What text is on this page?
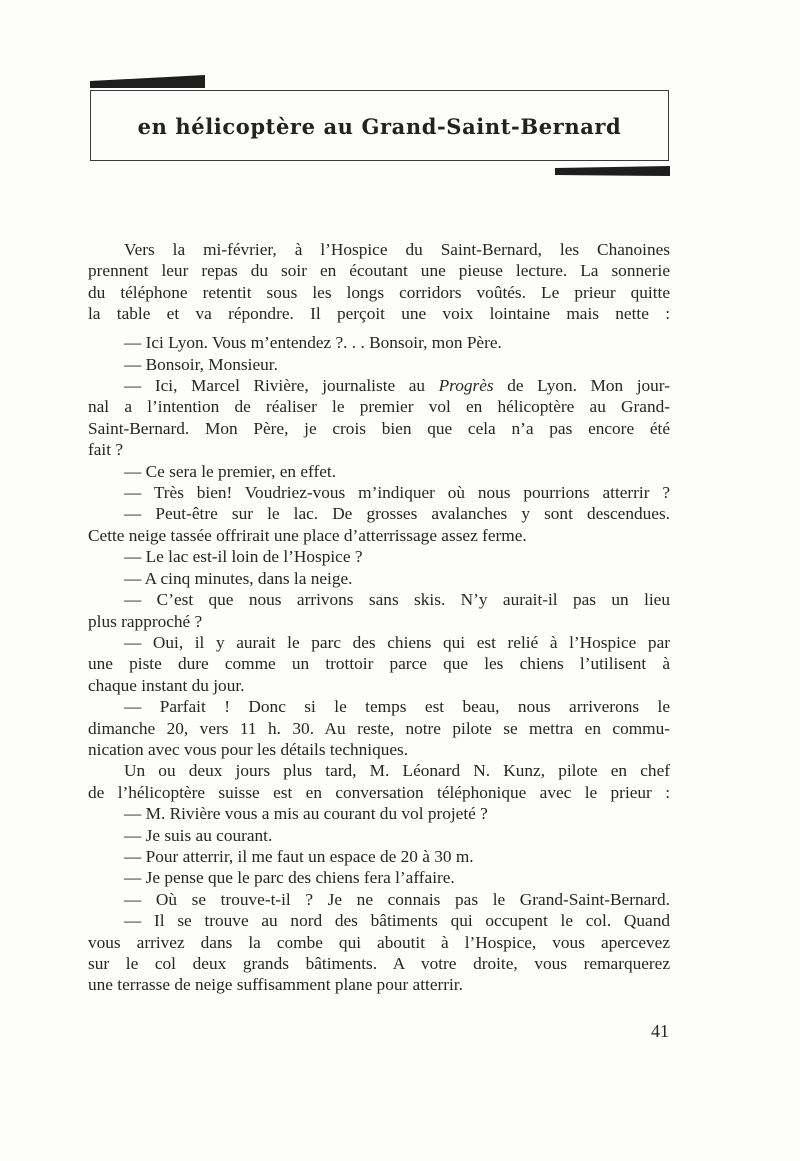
en hélicoptère au Grand-Saint-Bernard
Vers la mi-février, à l’Hospice du Saint-Bernard, les Chanoines
prennent leur repas du soir en écoutant une pieuse lecture. La sonnerie
du téléphone retentit sous les longs corridors voûtés. Le prieur quitte
la table et va répondre. Il perçoit une voix lointaine mais nette :
— Ici Lyon. Vous m’entendez ?. . . Bonsoir, mon Père.
— Bonsoir, Monsieur.
— Ici, Marcel Rivière, journaliste au Progrès de Lyon. Mon jour-
nal a l’intention de réaliser le premier vol en hélicoptère au Grand-
Saint-Bernard. Mon Père, je crois bien que cela n’a pas encore été
fait ?
— Ce sera le premier, en effet.
— Très bien! Voudriez-vous m’indiquer où nous pourrions atterrir ?
— Peut-être sur le lac. De grosses avalanches y sont descendues.
Cette neige tassée offrirait une place d’atterrissage assez ferme.
— Le lac est-il loin de l’Hospice ?
— A cinq minutes, dans la neige.
— C’est que nous arrivons sans skis. N’y aurait-il pas un lieu
plus rapproché ?
— Oui, il y aurait le parc des chiens qui est relié à l’Hospice par
une piste dure comme un trottoir parce que les chiens l’utilisent à
chaque instant du jour.
— Parfait ! Donc si le temps est beau, nous arriverons le
dimanche 20, vers 11 h. 30. Au reste, notre pilote se mettra en commu-
nication avec vous pour les détails techniques.
Un ou deux jours plus tard, M. Léonard N. Kunz, pilote en chef
de l’hélicoptère suisse est en conversation téléphonique avec le prieur :
— M. Rivière vous a mis au courant du vol projeté ?
— Je suis au courant.
— Pour atterrir, il me faut un espace de 20 à 30 m.
— Je pense que le parc des chiens fera l’affaire.
— Où se trouve-t-il ? Je ne connais pas le Grand-Saint-Bernard.
— Il se trouve au nord des bâtiments qui occupent le col. Quand
vous arrivez dans la combe qui aboutit à l’Hospice, vous apercevez
sur le col deux grands bâtiments. A votre droite, vous remarquerez
une terrasse de neige suffisamment plane pour atterrir.
41
